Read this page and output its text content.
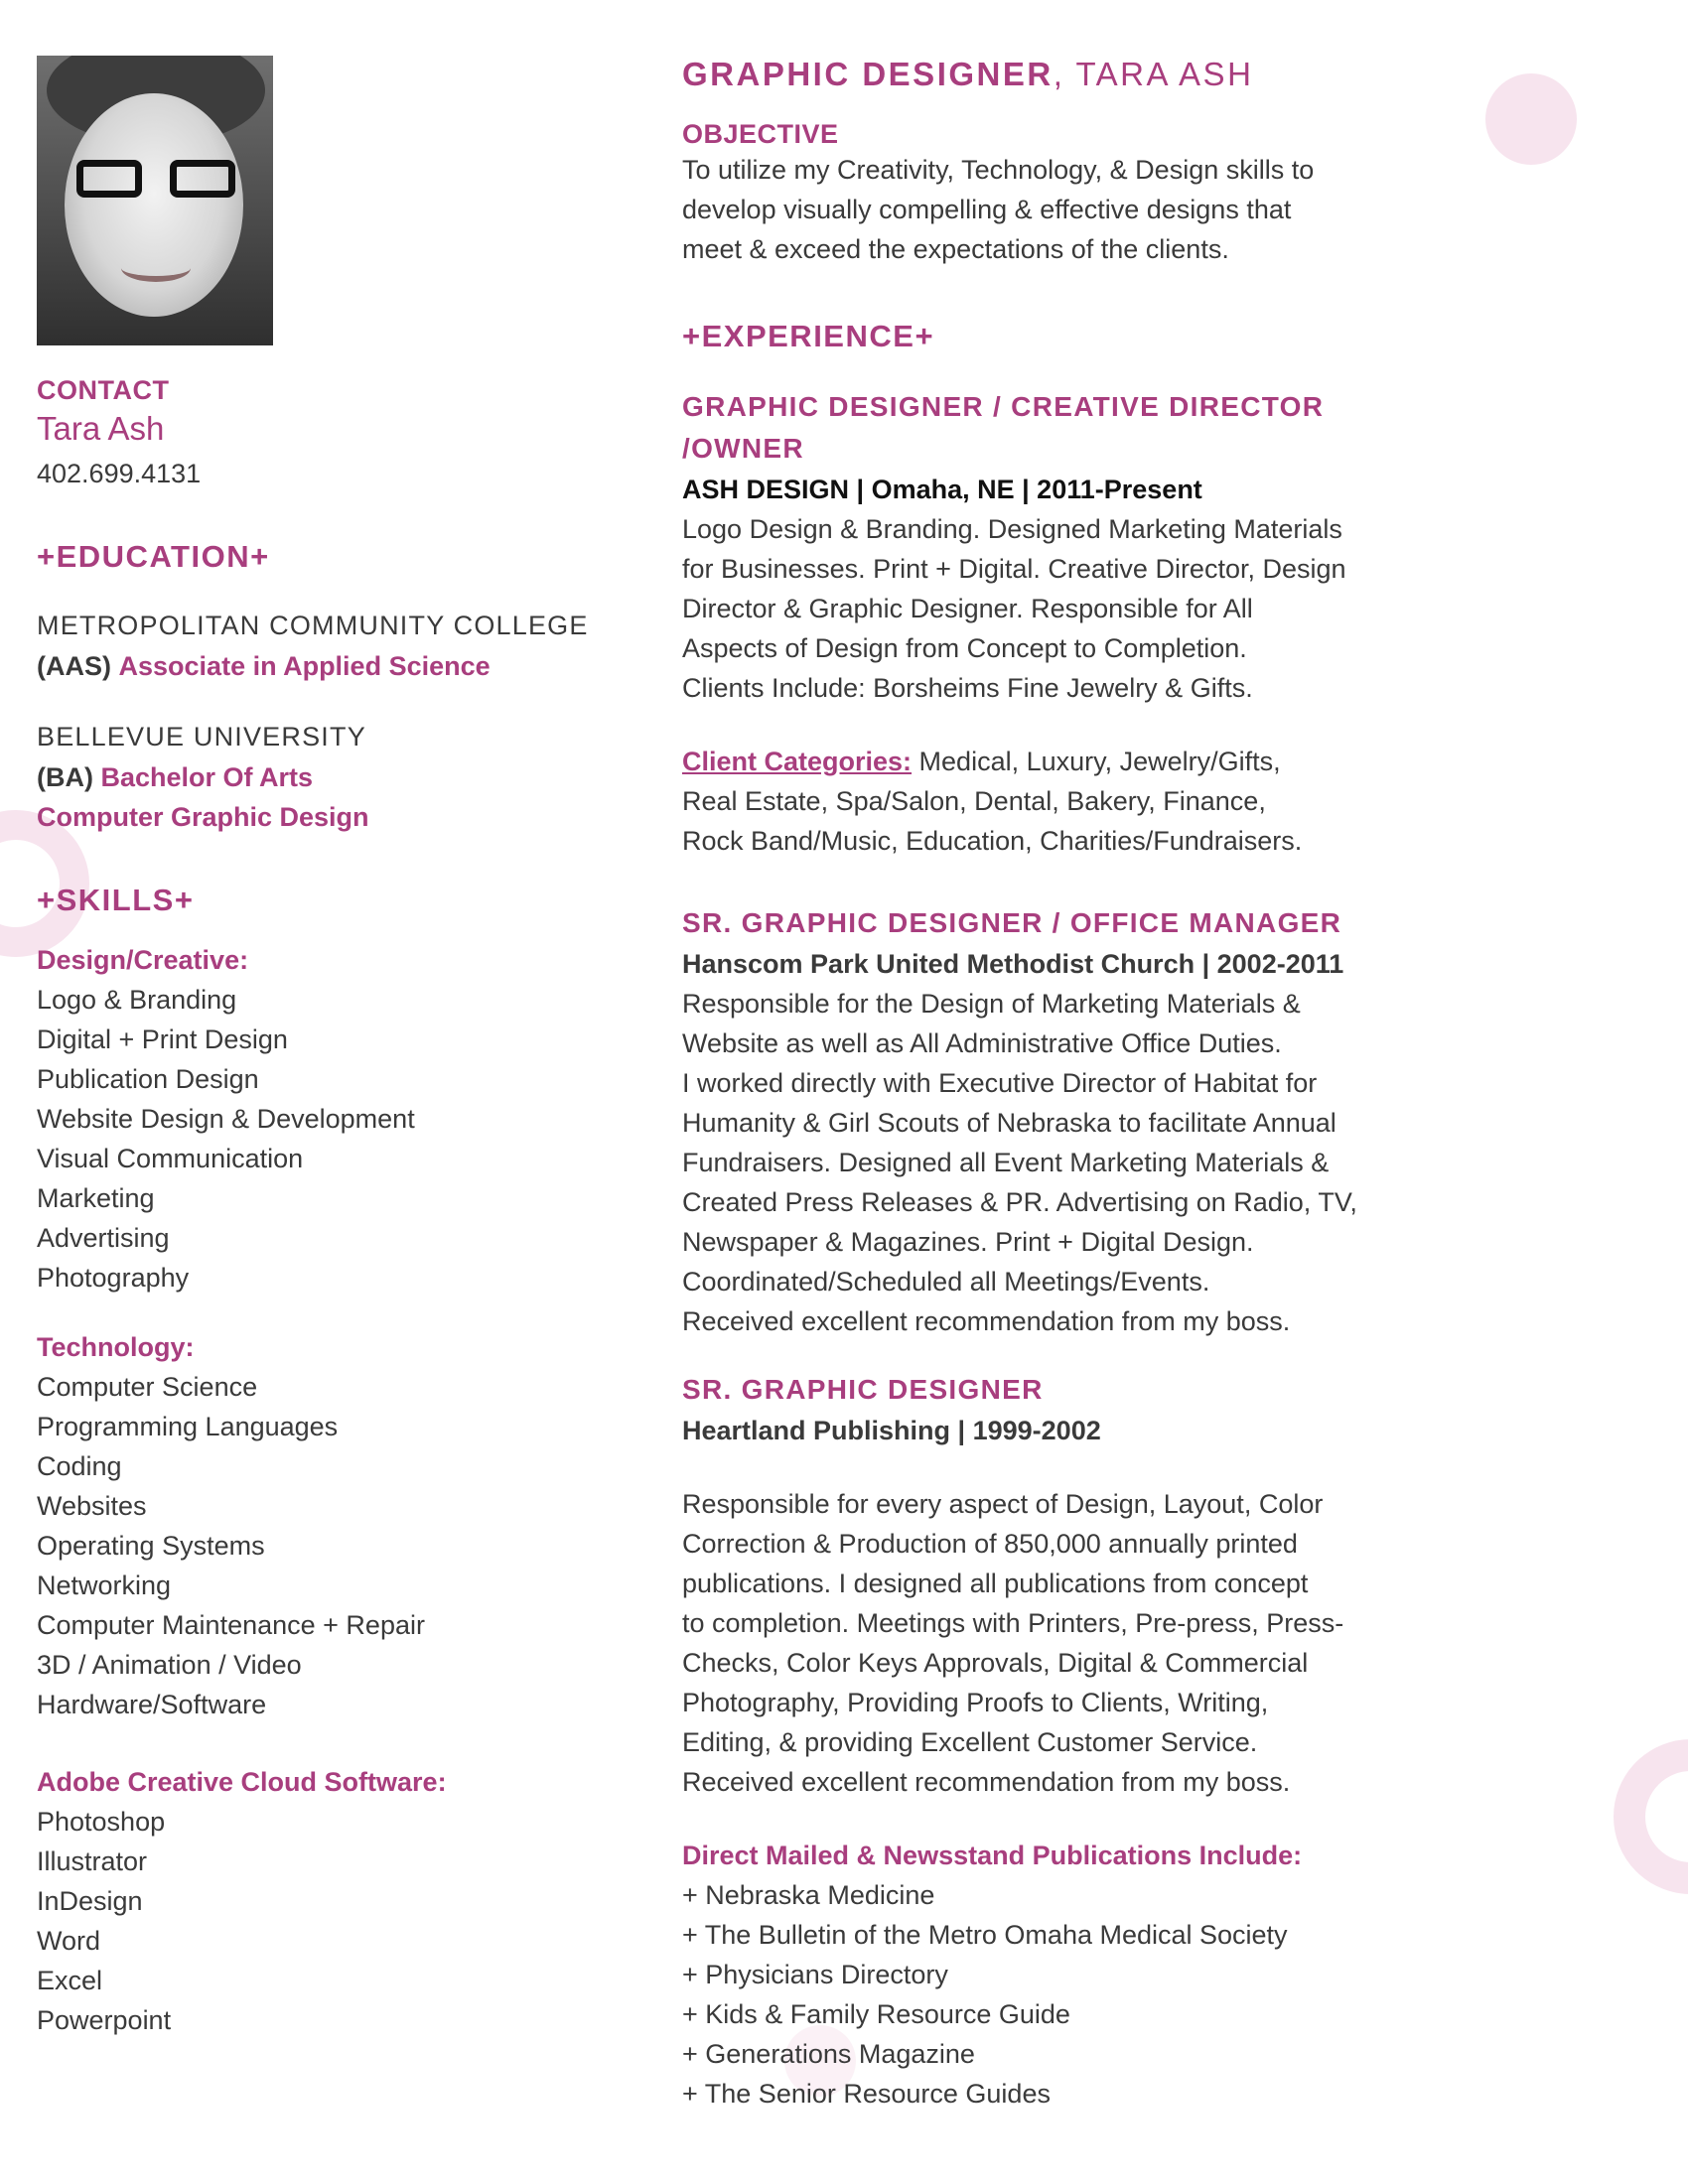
CONTACT
Tara Ash
402.699.4131
+EDUCATION+
METROPOLITAN COMMUNITY COLLEGE
(AAS) Associate in Applied Science
BELLEVUE UNIVERSITY
(BA) Bachelor Of Arts
Computer Graphic Design
+SKILLS+
Design/Creative:
Logo & Branding
Digital + Print Design
Publication Design
Website Design & Development
Visual Communication
Marketing
Advertising
Photography
Technology:
Computer Science
Programming Languages
Coding
Websites
Operating Systems
Networking
Computer Maintenance + Repair
3D / Animation / Video
Hardware/Software
Adobe Creative Cloud Software:
Photoshop
Illustrator
InDesign
Word
Excel
Powerpoint
GRAPHIC DESIGNER, TARA ASH
OBJECTIVE
To utilize my Creativity, Technology, & Design skills to
develop visually compelling & effective designs that
meet & exceed the expectations of the clients.
+EXPERIENCE+
GRAPHIC DESIGNER / CREATIVE DIRECTOR /OWNER
ASH DESIGN | Omaha, NE | 2011-Present
Logo Design & Branding. Designed Marketing Materials
for Businesses. Print + Digital. Creative Director, Design
Director & Graphic Designer. Responsible for All
Aspects of Design from Concept to Completion.
Clients Include: Borsheims Fine Jewelry & Gifts.
Client Categories: Medical, Luxury, Jewelry/Gifts,
Real Estate, Spa/Salon, Dental, Bakery, Finance,
Rock Band/Music, Education, Charities/Fundraisers.
SR. GRAPHIC DESIGNER / OFFICE MANAGER
Hanscom Park United Methodist Church | 2002-2011
Responsible for the Design of Marketing Materials &
Website as well as All Administrative Office Duties.
I worked directly with Executive Director of Habitat for
Humanity & Girl Scouts of Nebraska to facilitate Annual
Fundraisers. Designed all Event Marketing Materials &
Created Press Releases & PR. Advertising on Radio, TV,
Newspaper & Magazines. Print + Digital Design.
Coordinated/Scheduled all Meetings/Events.
Received excellent recommendation from my boss.
SR. GRAPHIC DESIGNER
Heartland Publishing | 1999-2002
Responsible for every aspect of Design, Layout, Color
Correction & Production of 850,000 annually printed
publications. I designed all publications from concept
to completion. Meetings with Printers, Pre-press, Press-
Checks, Color Keys Approvals, Digital & Commercial
Photography, Providing Proofs to Clients, Writing,
Editing, & providing Excellent Customer Service.
Received excellent recommendation from my boss.
Direct Mailed & Newsstand Publications Include:
+ Nebraska Medicine
+ The Bulletin of the Metro Omaha Medical Society
+ Physicians Directory
+ Kids & Family Resource Guide
+ Generations Magazine
+ The Senior Resource Guides
